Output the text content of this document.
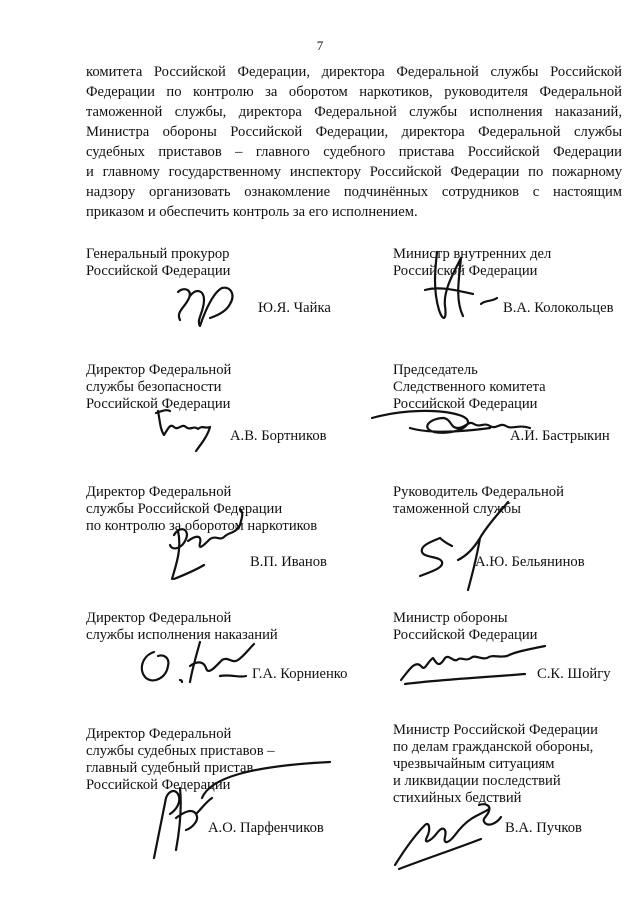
7
комитета Российской Федерации, директора Федеральной службы Российской
Федерации по контролю за оборотом наркотиков, руководителя Федеральной
таможенной службы, директора Федеральной службы исполнения наказаний,
Министра обороны Российской Федерации, директора Федеральной службы
судебных приставов – главного судебного пристава Российской Федерации
и главному государственному инспектору Российской Федерации по пожарному
надзору организовать ознакомление подчинённых сотрудников с настоящим
приказом и обеспечить контроль за его исполнением.
Генеральный прокурор
Российской Федерации
Ю.Я. Чайка
Министр внутренних дел
Российской Федерации
В.А. Колокольцев
Директор Федеральной
службы безопасности
Российской Федерации
А.В. Бортников
Председатель
Следственного комитета
Российской Федерации
А.И. Бастрыкин
Директор Федеральной
службы Российской Федерации
по контролю за оборотом наркотиков
В.П. Иванов
Руководитель Федеральной
таможенной службы
А.Ю. Бельянинов
Директор Федеральной
службы исполнения наказаний
Г.А. Корниенко
Министр обороны
Российской Федерации
С.К. Шойгу
Директор Федеральной
службы судебных приставов –
главный судебный пристав
Российской Федерации
А.О. Парфенчиков
Министр Российской Федерации
по делам гражданской обороны,
чрезвычайным ситуациям
и ликвидации последствий
стихийных бедствий
В.А. Пучков
